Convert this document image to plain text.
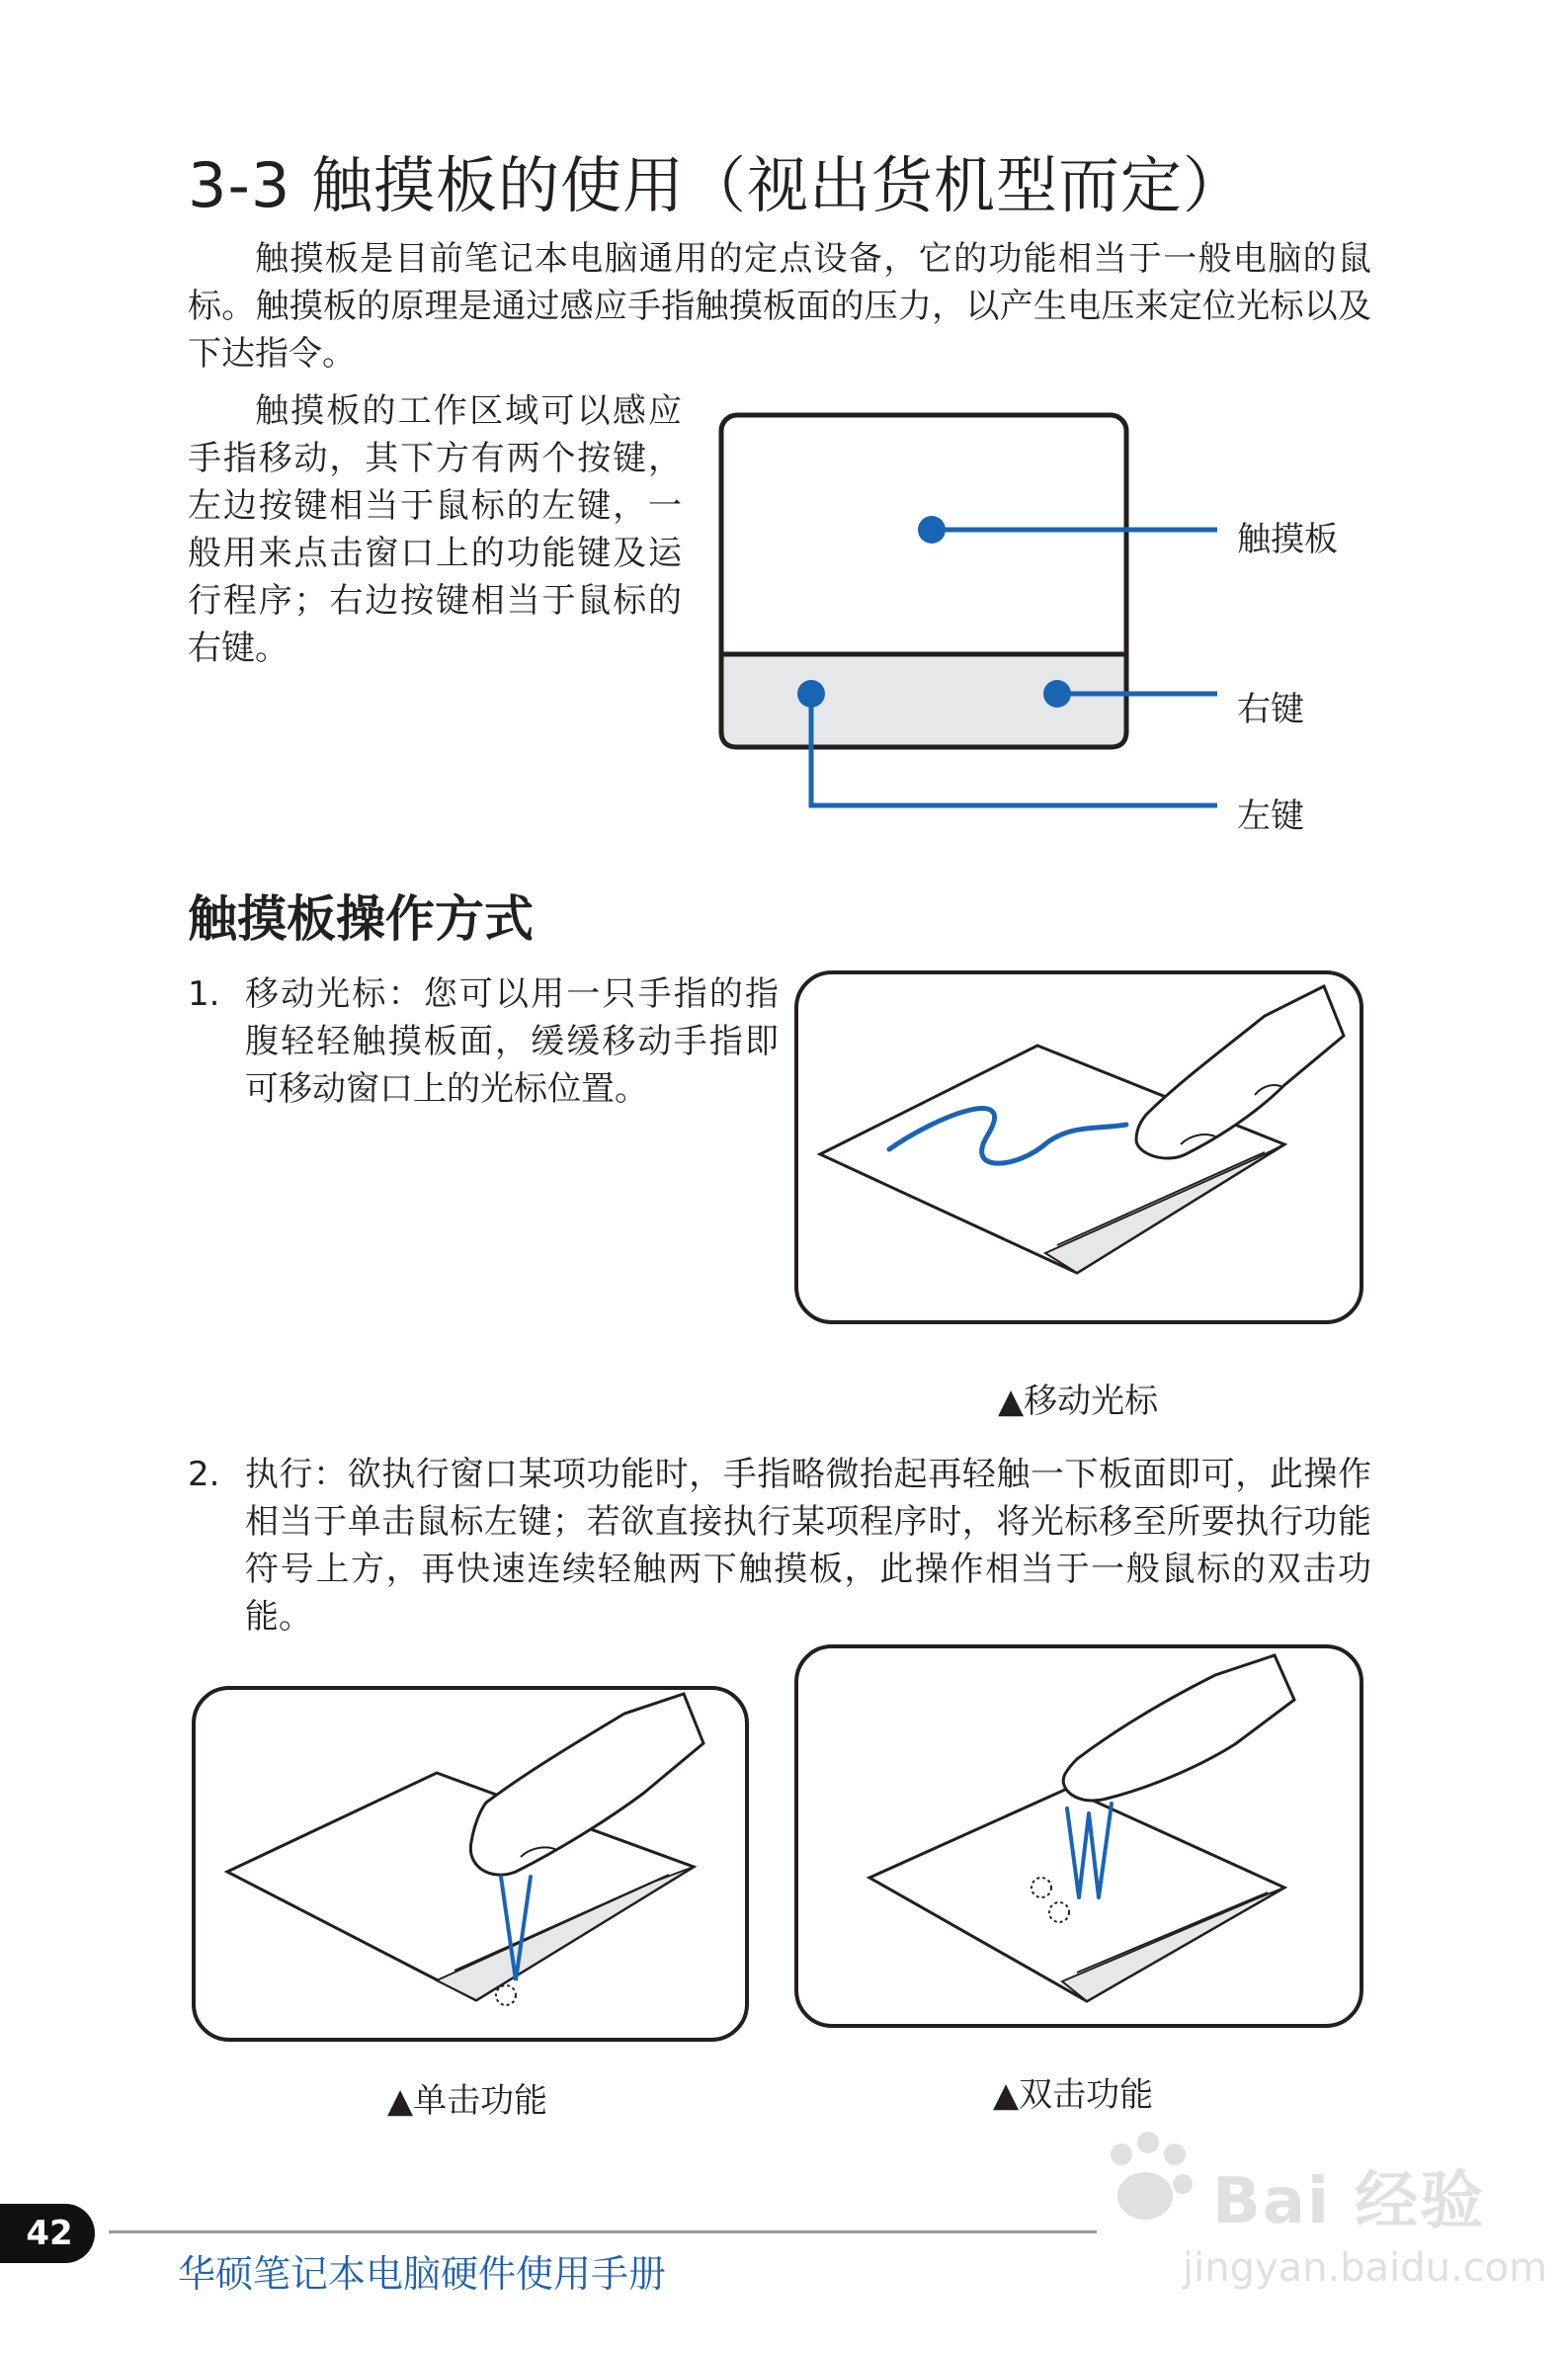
3-3 触摸板的使用（视出货机型而定）

触摸板是目前笔记本电脑通用的定点设备，它的功能相当于一般电脑的鼠标。触摸板的原理是通过感应手指触摸板面的压力，以产生电压来定位光标以及下达指令。

触摸板的工作区域可以感应手指移动，其下方有两个按键，左边按键相当于鼠标的左键，一般用来点击窗口上的功能键及运行程序；右边按键相当于鼠标的右键。

触摸板
右键
左键
触摸板操作方式
1. 移动光标：您可以用一只手指的指腹轻轻触摸板面，缓缓移动手指即可移动窗口上的光标位置。
▲移动光标
2. 执行：欲执行窗口某项功能时，手指略微抬起再轻触一下板面即可，此操作相当于单击鼠标左键；若欲直接执行某项程序时，将光标移至所要执行功能符号上方，再快速连续轻触两下触摸板，此操作相当于一般鼠标的双击功能。
▲单击功能	▲双击功能
42
华硕笔记本电脑硬件使用手册
Bai 经验
jingyan.baidu.com
